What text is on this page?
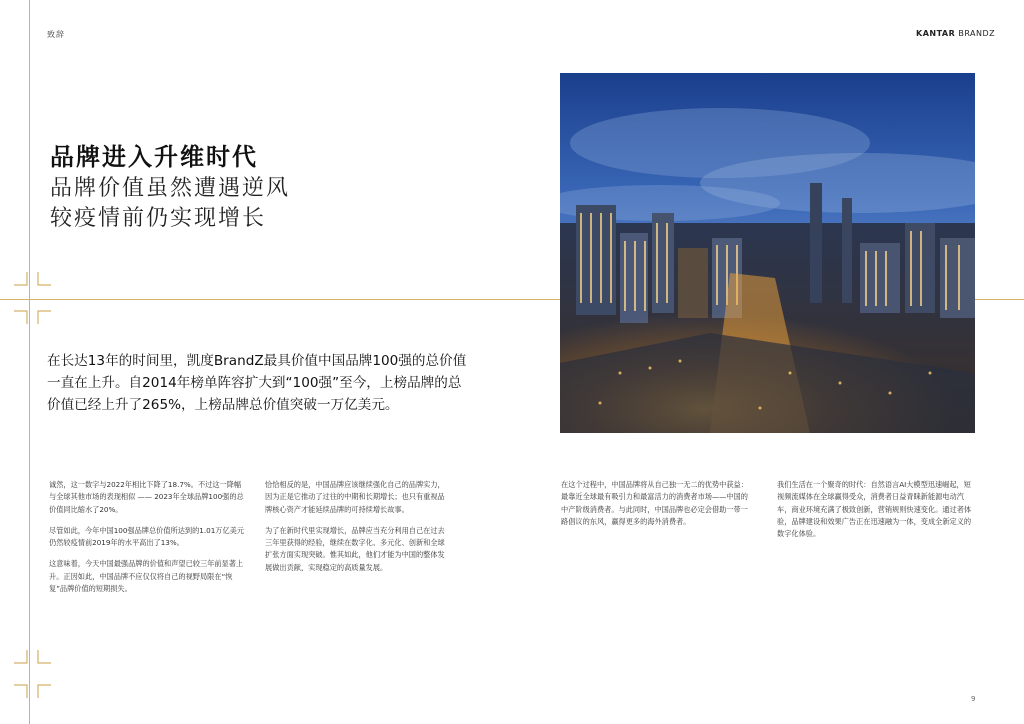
致辞	KANTAR BRANDZ
品牌进入升维时代
品牌价值虽然遭遇逆风
较疫情前仍实现增长
在长达13年的时间里，凯度BrandZ最具价值中国品牌100强的总价值一直在上升。自2014年榜单阵容扩大到“100强”至今，上榜品牌的总价值已经上升了265%，上榜品牌总价值突破一万亿美元。

诚然，这一数字与2022年相比下降了18.7%。不过这一降幅与全球其他市场的表现相似 —— 2023年全球品牌100强的总价值同比缩水了20%。

尽管如此，今年中国100强品牌总价值所达到的1.01万亿美元仍然较疫情前2019年的水平高出了13%。

这意味着，今天中国最强品牌的价值和声望已较三年前显著上升。正因如此，中国品牌不应仅仅将自己的视野局限在“恢复”品牌价值的短期损失。

恰恰相反的是，中国品牌应该继续强化自己的品牌实力，因为正是它推动了过往的中期和长期增长；也只有重视品牌核心资产才能延续品牌的可持续增长故事。

为了在新时代里实现增长，品牌应当充分利用自己在过去三年里获得的经验，继续在数字化、多元化、创新和全球扩张方面实现突破。惟其如此，他们才能为中国的整体发展做出贡献，实现稳定的高质量发展。

在这个过程中，中国品牌将从自己独一无二的优势中获益：最靠近全球最有吸引力和最富活力的消费者市场——中国的中产阶级消费者。与此同时，中国品牌也必定会借助一带一路倡议的东风，赢得更多的海外消费者。

我们生活在一个聚奇的时代：自然语言AI大模型迅速崛起，短视频流媒体在全球赢得受众，消费者日益青睐新能源电动汽车，商业环境充满了极致创新，营销规则快速变化。通过者体验，品牌建设和效果广告正在迅速融为一体，变成全新定义的数字化体验。

9
